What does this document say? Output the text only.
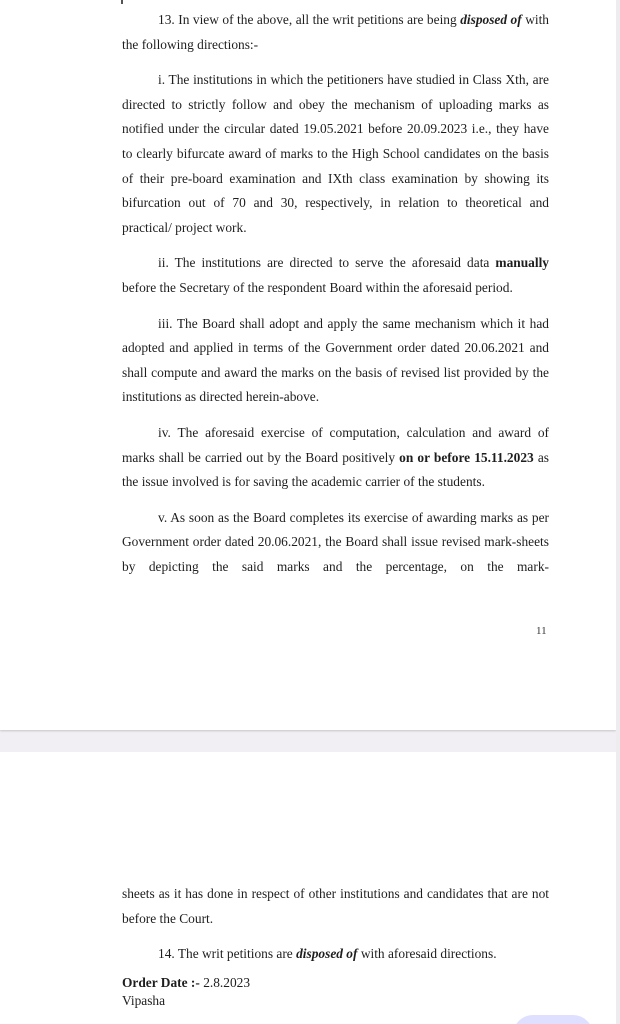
13. In view of the above, all the writ petitions are being disposed of with the following directions:-

i. The institutions in which the petitioners have studied in Class Xth, are directed to strictly follow and obey the mechanism of uploading marks as notified under the circular dated 19.05.2021 before 20.09.2023 i.e., they have to clearly bifurcate award of marks to the High School candidates on the basis of their pre-board examination and IXth class examination by showing its bifurcation out of 70 and 30, respectively, in relation to theoretical and practical/ project work.

ii. The institutions are directed to serve the aforesaid data manually before the Secretary of the respondent Board within the aforesaid period.

iii. The Board shall adopt and apply the same mechanism which it had adopted and applied in terms of the Government order dated 20.06.2021 and shall compute and award the marks on the basis of revised list provided by the institutions as directed herein-above.

iv. The aforesaid exercise of computation, calculation and award of marks shall be carried out by the Board positively on or before 15.11.2023 as the issue involved is for saving the academic carrier of the students.

v. As soon as the Board completes its exercise of awarding marks as per Government order dated 20.06.2021, the Board shall issue revised mark-sheets by depicting the said marks and the percentage, on the mark-

11

sheets as it has done in respect of other institutions and candidates that are not before the Court.

14. The writ petitions are disposed of with aforesaid directions.

Order Date :- 2.8.2023
Vipasha
